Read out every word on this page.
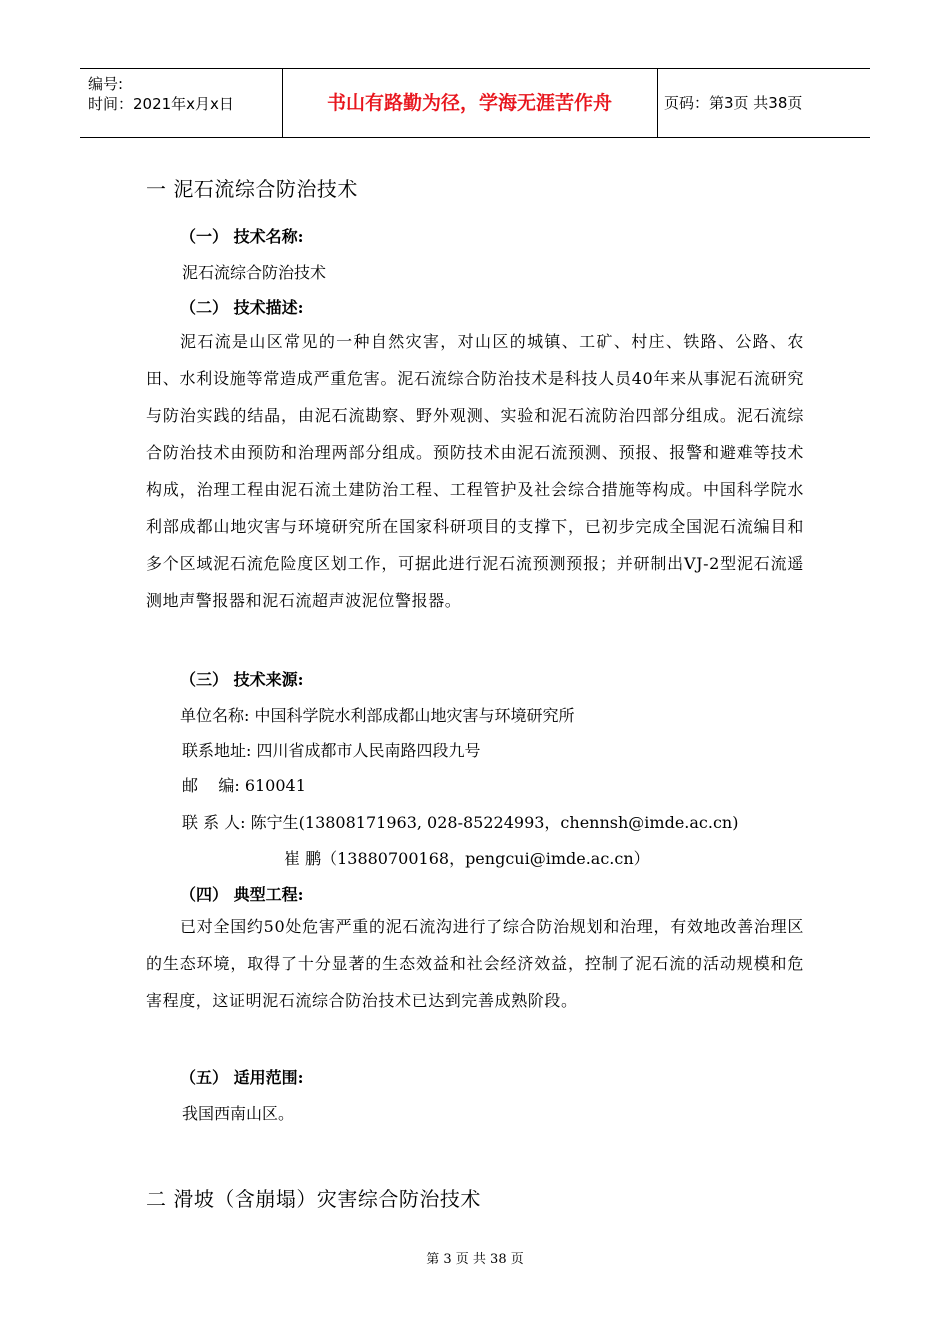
编号:
时间：2021年x月x日	书山有路勤为径，学海无涯苦作舟	页码：第3页 共38页
一 泥石流综合防治技术
（一） 技术名称:
泥石流综合防治技术
（二） 技术描述:
泥石流是山区常见的一种自然灾害，对山区的城镇、工矿、村庄、铁路、公路、农田、水利设施等常造成严重危害。泥石流综合防治技术是科技人员40年来从事泥石流研究与防治实践的结晶，由泥石流勘察、野外观测、实验和泥石流防治四部分组成。泥石流综合防治技术由预防和治理两部分组成。预防技术由泥石流预测、预报、报警和避难等技术构成，治理工程由泥石流土建防治工程、工程管护及社会综合措施等构成。中国科学院水利部成都山地灾害与环境研究所在国家科研项目的支撑下，已初步完成全国泥石流编目和多个区域泥石流危险度区划工作，可据此进行泥石流预测预报；并研制出VJ-2型泥石流遥测地声警报器和泥石流超声波泥位警报器。
（三） 技术来源:
单位名称: 中国科学院水利部成都山地灾害与环境研究所
联系地址: 四川省成都市人民南路四段九号
邮    编: 610041
联 系 人: 陈宁生(13808171963, 028-85224993，chennsh@imde.ac.cn)
崔 鹏（13880700168，pengcui@imde.ac.cn）
（四） 典型工程:
已对全国约50处危害严重的泥石流沟进行了综合防治规划和治理，有效地改善治理区的生态环境，取得了十分显著的生态效益和社会经济效益，控制了泥石流的活动规模和危害程度，这证明泥石流综合防治技术已达到完善成熟阶段。
（五） 适用范围:
我国西南山区。
二 滑坡（含崩塌）灾害综合防治技术
第 3 页 共 38 页
